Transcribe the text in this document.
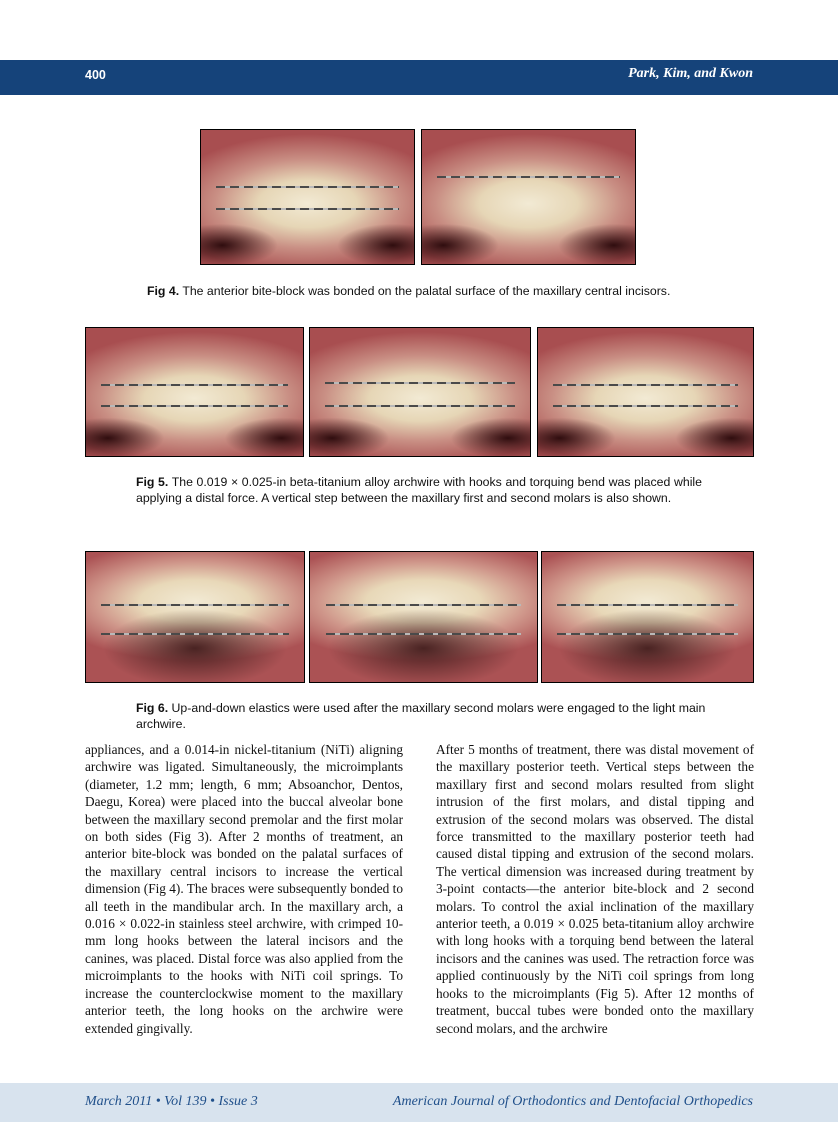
400	Park, Kim, and Kwon
Fig 4. The anterior bite-block was bonded on the palatal surface of the maxillary central incisors.
Fig 5. The 0.019 × 0.025-in beta-titanium alloy archwire with hooks and torquing bend was placed while applying a distal force. A vertical step between the maxillary first and second molars is also shown.
Fig 6. Up-and-down elastics were used after the maxillary second molars were engaged to the light main archwire.
appliances, and a 0.014-in nickel-titanium (NiTi) aligning archwire was ligated. Simultaneously, the microimplants (diameter, 1.2 mm; length, 6 mm; Absoanchor, Dentos, Daegu, Korea) were placed into the buccal alveolar bone between the maxillary second premolar and the first molar on both sides (Fig 3). After 2 months of treatment, an anterior bite-block was bonded on the palatal surfaces of the maxillary central incisors to increase the vertical dimension (Fig 4). The braces were subsequently bonded to all teeth in the mandibular arch. In the maxillary arch, a 0.016 × 0.022-in stainless steel archwire, with crimped 10-mm long hooks between the lateral incisors and the canines, was placed. Distal force was also applied from the microimplants to the hooks with NiTi coil springs. To increase the counterclockwise moment to the maxillary anterior teeth, the long hooks on the archwire were extended gingivally.
After 5 months of treatment, there was distal movement of the maxillary posterior teeth. Vertical steps between the maxillary first and second molars resulted from slight intrusion of the first molars, and distal tipping and extrusion of the second molars was observed. The distal force transmitted to the maxillary posterior teeth had caused distal tipping and extrusion of the second molars. The vertical dimension was increased during treatment by 3-point contacts—the anterior bite-block and 2 second molars. To control the axial inclination of the maxillary anterior teeth, a 0.019 × 0.025 beta-titanium alloy archwire with long hooks with a torquing bend between the lateral incisors and the canines was used. The retraction force was applied continuously by the NiTi coil springs from long hooks to the microimplants (Fig 5). After 12 months of treatment, buccal tubes were bonded onto the maxillary second molars, and the archwire
March 2011 • Vol 139 • Issue 3	American Journal of Orthodontics and Dentofacial Orthopedics
